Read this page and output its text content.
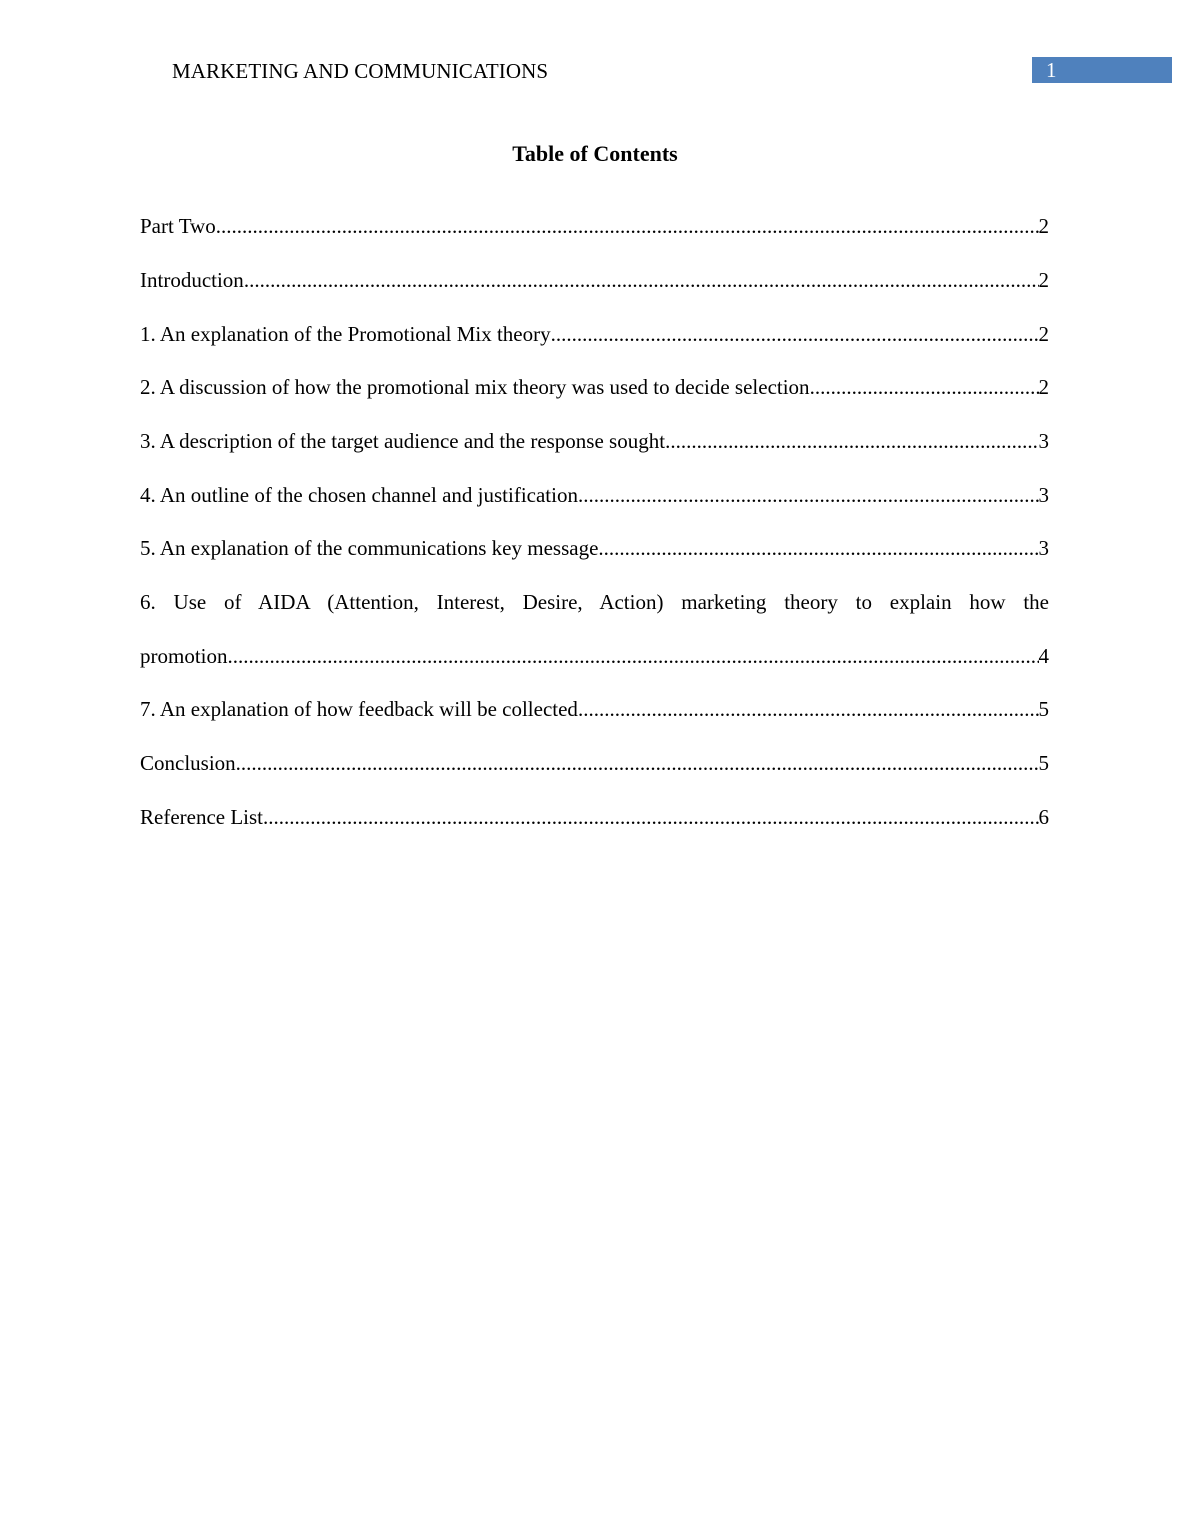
MARKETING AND COMMUNICATIONS	1
Table of Contents
Part Two .....	2
Introduction .....	2
1. An explanation of the Promotional Mix theory .....	2
2. A discussion of how the promotional mix theory was used to decide selection .....	2
3. A description of the target audience and the response sought .....	3
4. An outline of the chosen channel and justification .....	3
5. An explanation of the communications key message .....	3
6. Use of AIDA (Attention, Interest, Desire, Action) marketing theory to explain how the
promotion .....	4
7. An explanation of how feedback will be collected .....	5
Conclusion .....	5
Reference List .....	6
